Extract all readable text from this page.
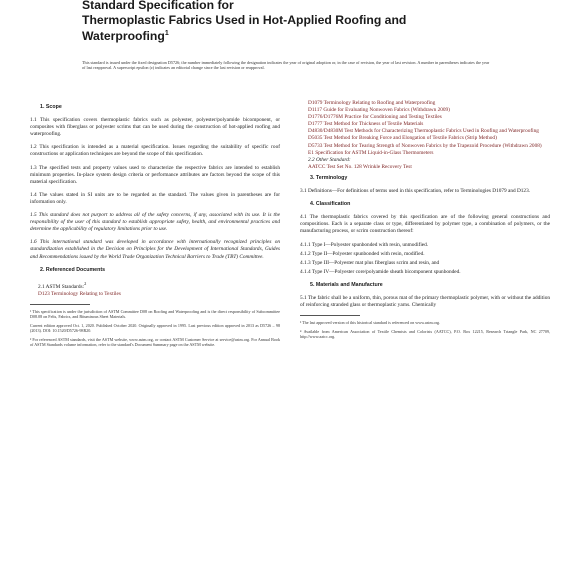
Standard Specification for
Thermoplastic Fabrics Used in Hot-Applied Roofing and
Waterproofing$^1$
This standard is issued under the fixed designation D5726; the number immediately following the designation indicates the year of original adoption or, in the case of revision, the year of last revision. A number in parentheses indicates the year of last reapproval. A superscript epsilon (ε) indicates an editorial change since the last revision or reapproval.
1. Scope

1.1 This specification covers thermoplastic fabrics such as polyester, polyester/polyamide bicomponent, or composites with fiberglass or polyester scrims that can be used during the construction of hot-applied roofing and waterproofing.

1.2 This specification is intended as a material specification. Issues regarding the suitability of specific roof constructions or application techniques are beyond the scope of this specification.

1.3 The specified tests and property values used to characterize the respective fabrics are intended to establish minimum properties. In-place system design criteria or performance attributes are factors beyond the scope of this material specification.

1.4 The values stated in SI units are to be regarded as the standard. The values given in parentheses are for information only.

1.5 This standard does not purport to address all of the safety concerns, if any, associated with its use. It is the responsibility of the user of this standard to establish appropriate safety, health, and environmental practices and determine the applicability of regulatory limitations prior to use.

1.6 This international standard was developed in accordance with internationally recognized principles on standardization established in the Decision on Principles for the Development of International Standards, Guides and Recommendations issued by the World Trade Organization Technical Barriers to Trade (TBT) Committee.

2. Referenced Documents
2.1 ASTM Standards:$^2$
D123 Terminology Relating to Textiles
¹ This specification is under the jurisdiction of ASTM Committee D08 on Roofing and Waterproofing and is the direct responsibility of Subcommittee D08.08 on Felts, Fabrics, and Bituminous Sheet Materials.
Current edition approved Oct. 1, 2020. Published October 2020. Originally approved in 1995. Last previous edition approved in 2013 as D5726 – 98 (2013). DOI: 10.1520/D5726-98R20.
² For referenced ASTM standards, visit the ASTM website, www.astm.org, or contact ASTM Customer Service at service@astm.org. For Annual Book of ASTM Standards volume information, refer to the standard's Document Summary page on the ASTM website.
D1079 Terminology Relating to Roofing and Waterproofing
D1117 Guide for Evaluating Nonwoven Fabrics (Withdrawn 2009)
D1776/D1776M Practice for Conditioning and Testing Textiles
D1777 Test Method for Thickness of Textile Materials
D4830/D4830M Test Methods for Characterizing Thermoplastic Fabrics Used in Roofing and Waterproofing
D5035 Test Method for Breaking Force and Elongation of Textile Fabrics (Strip Method)
D5733 Test Method for Tearing Strength of Nonwoven Fabrics by the Trapezoid Procedure (Withdrawn 2008)
E1 Specification for ASTM Liquid-in-Glass Thermometers
2.2 Other Standard:
AATCC Test Set No. 128 Wrinkle Recovery Test
3. Terminology

3.1 Definitions—For definitions of terms used in this specification, refer to Terminologies D1079 and D123.

4. Classification

4.1 The thermoplastic fabrics covered by this specification are of the following general constructions and compositions. Each is a separate class or type, differentiated by polymer type, a combination of polymers, or the manufacturing process, or scrim construction thereof:

4.1.1 Type I—Polyester spunbonded with resin, unmodified.

4.1.2 Type II—Polyester spunbonded with resin, modified.

4.1.3 Type III—Polyester mat plus fiberglass scrim and resin, and

4.1.4 Type IV—Polyester core/polyamide sheath bicomponent spunbonded.

5. Materials and Manufacture

5.1 The fabric shall be a uniform, thin, porous mat of the primary thermoplastic polymer, with or without the addition of reinforcing stranded glass or thermoplastic yarns. Chemically

³ The last approved version of this historical standard is referenced on www.astm.org.
⁴ Available from American Association of Textile Chemists and Colorists (AATCC), P.O. Box 12215, Research Triangle Park, NC 27709, http://www.aatcc.org.
